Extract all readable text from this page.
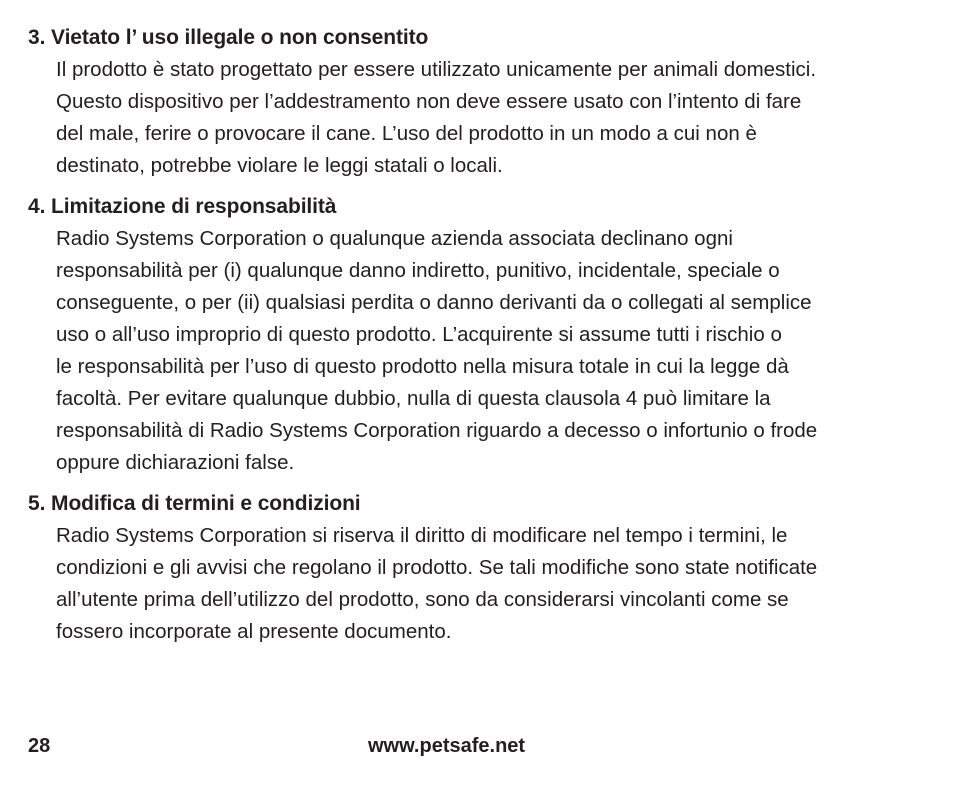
3. Vietato l’ uso illegale o non consentito

Il prodotto è stato progettato per essere utilizzato unicamente per animali domestici.
Questo dispositivo per l’addestramento non deve essere usato con l’intento di fare
del male, ferire o provocare il cane. L’uso del prodotto in un modo a cui non è
destinato, potrebbe violare le leggi statali o locali.

4. Limitazione di responsabilità

Radio Systems Corporation o qualunque azienda associata declinano ogni
responsabilità per (i) qualunque danno indiretto, punitivo, incidentale, speciale o
conseguente, o per (ii) qualsiasi perdita o danno derivanti da o collegati al semplice
uso o all’uso improprio di questo prodotto. L’acquirente si assume tutti i rischio o
le responsabilità per l’uso di questo prodotto nella misura totale in cui la legge dà
facoltà. Per evitare qualunque dubbio, nulla di questa clausola 4 può limitare la
responsabilità di Radio Systems Corporation riguardo a decesso o infortunio o frode
oppure dichiarazioni false.

5. Modifica di termini e condizioni

Radio Systems Corporation si riserva il diritto di modificare nel tempo i termini, le
condizioni e gli avvisi che regolano il prodotto. Se tali modifiche sono state notificate
all’utente prima dell’utilizzo del prodotto, sono da considerarsi vincolanti come se
fossero incorporate al presente documento.

28	www.petsafe.net
